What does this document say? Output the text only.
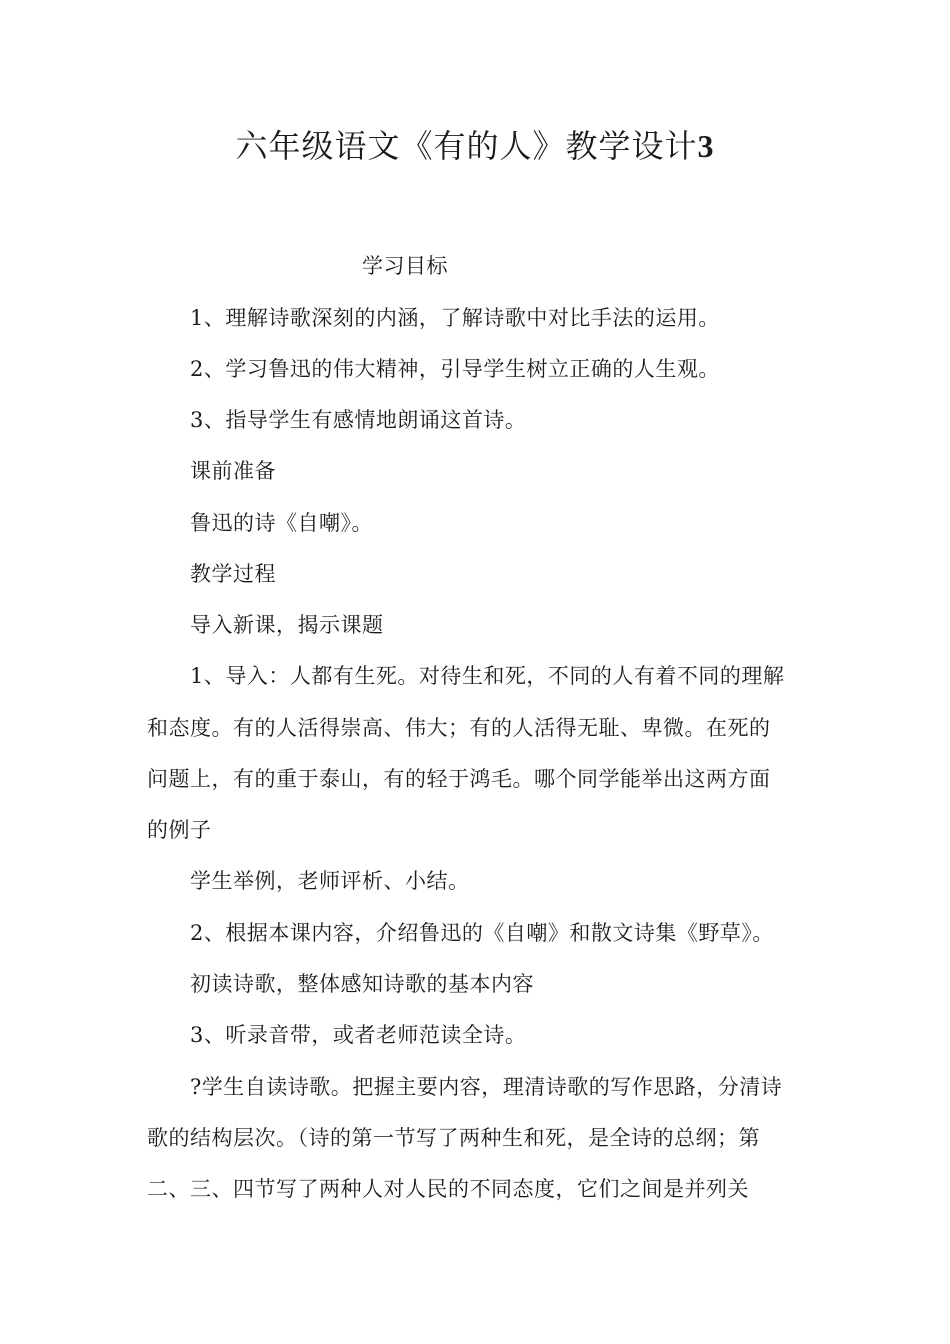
六年级语文《有的人》教学设计3
学习目标
1、理解诗歌深刻的内涵，了解诗歌中对比手法的运用。
2、学习鲁迅的伟大精神，引导学生树立正确的人生观。
3、指导学生有感情地朗诵这首诗。
课前准备
鲁迅的诗《自嘲》。
教学过程
导入新课，揭示课题
1、导入：人都有生死。对待生和死，不同的人有着不同的理解
和态度。有的人活得崇高、伟大；有的人活得无耻、卑微。在死的
问题上，有的重于泰山，有的轻于鸿毛。哪个同学能举出这两方面
的例子
学生举例，老师评析、小结。
2、根据本课内容，介绍鲁迅的《自嘲》和散文诗集《野草》。
初读诗歌，整体感知诗歌的基本内容
3、听录音带，或者老师范读全诗。
?学生自读诗歌。把握主要内容，理清诗歌的写作思路，分清诗
歌的结构层次。（诗的第一节写了两种生和死，是全诗的总纲；第
二、三、四节写了两种人对人民的不同态度，它们之间是并列关
